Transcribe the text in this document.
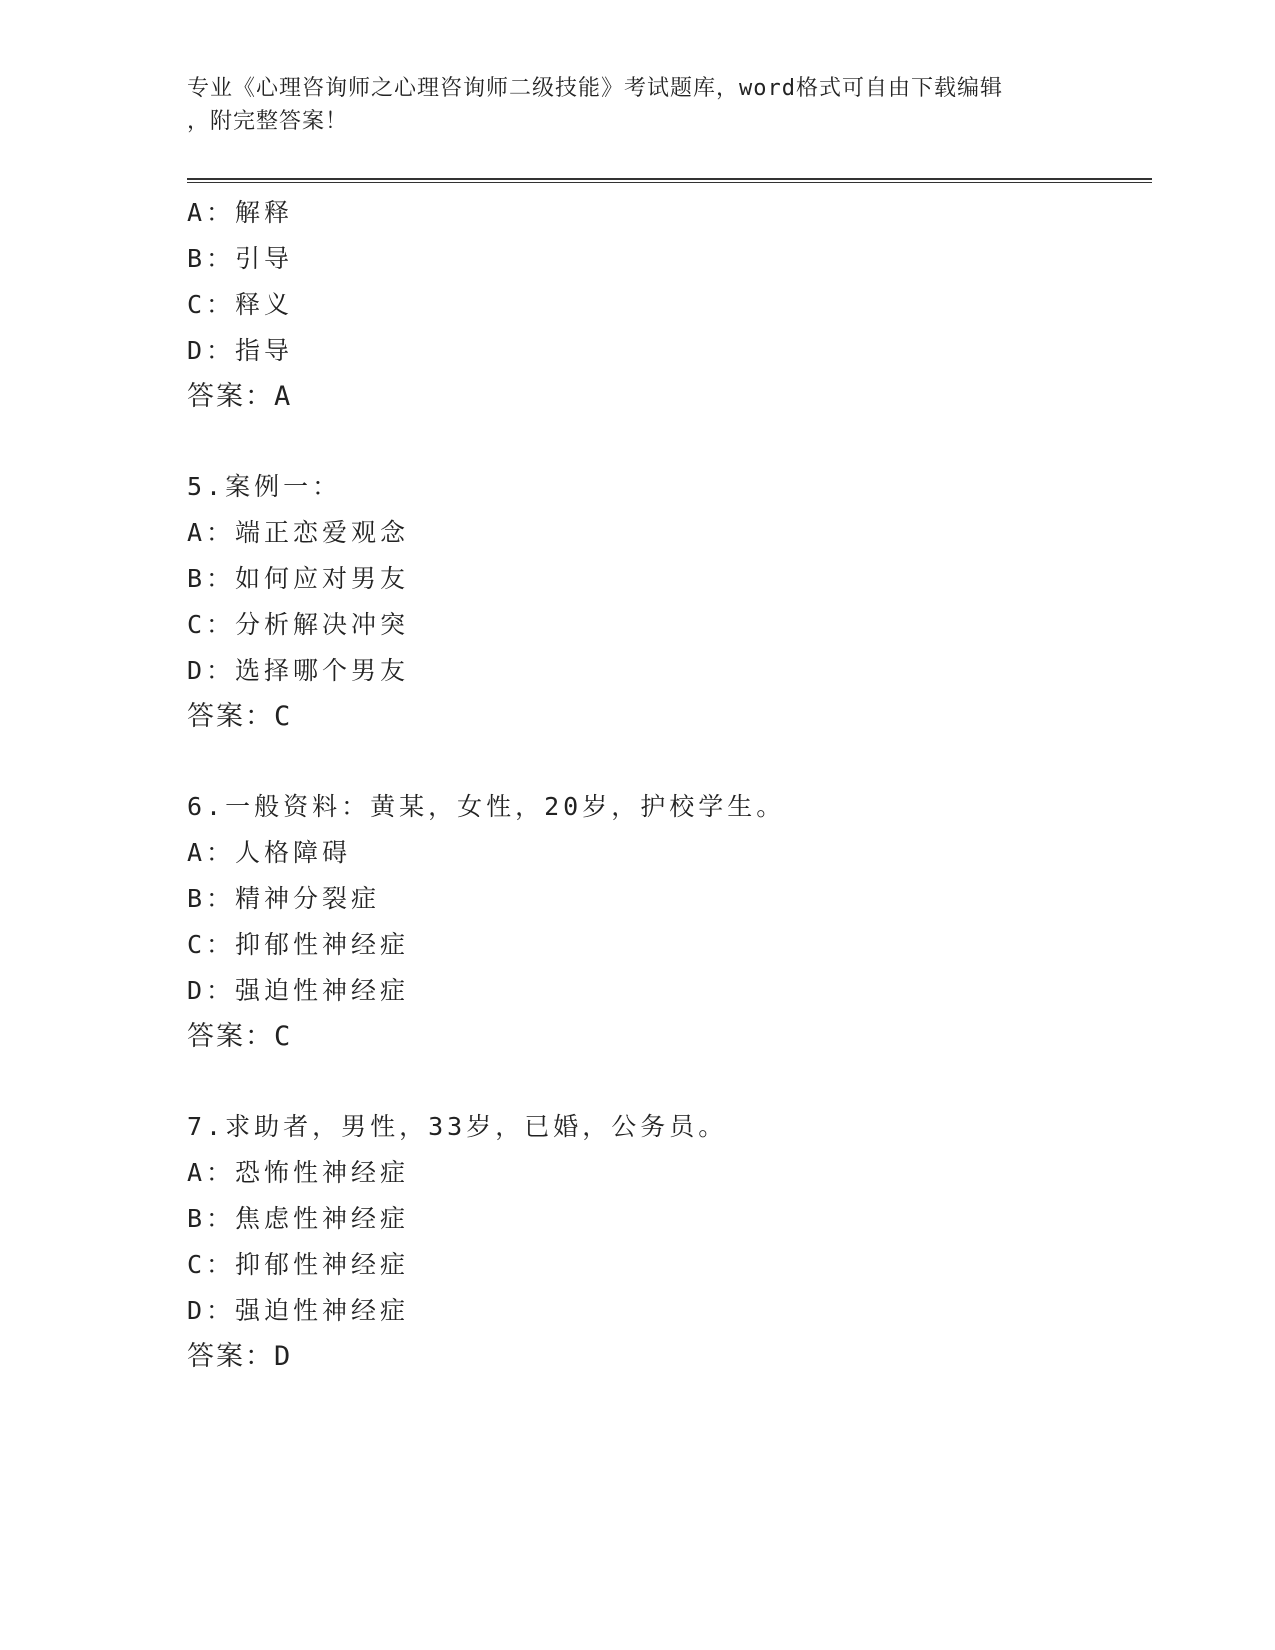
专业《心理咨询师之心理咨询师二级技能》考试题库，word格式可自由下载编辑
，附完整答案！
A：解释
B：引导
C：释义
D：指导
答案：A
5.案例一：
A：端正恋爱观念
B：如何应对男友
C：分析解决冲突
D：选择哪个男友
答案：C
6.一般资料：黄某，女性，20岁，护校学生。
A：人格障碍
B：精神分裂症
C：抑郁性神经症
D：强迫性神经症
答案：C
7.求助者，男性，33岁，已婚，公务员。
A：恐怖性神经症
B：焦虑性神经症
C：抑郁性神经症
D：强迫性神经症
答案：D
